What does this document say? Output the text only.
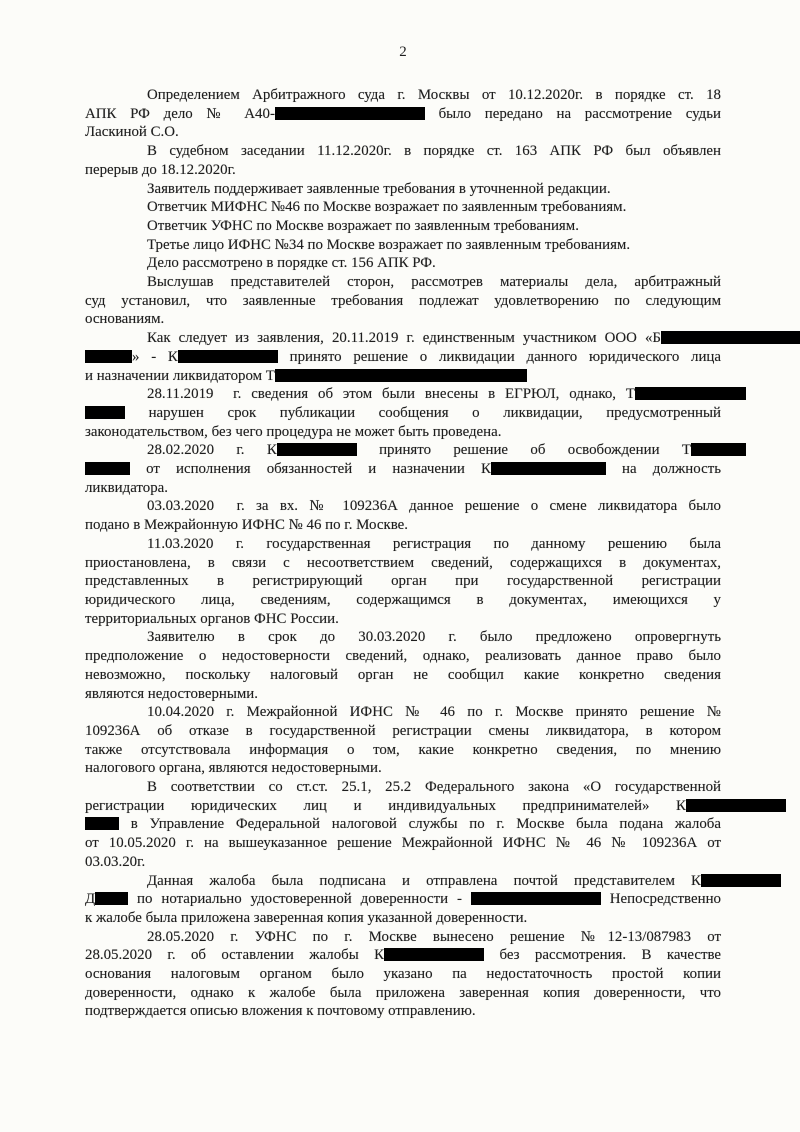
2
Определением Арбитражного суда г. Москвы от 10.12.2020г. в порядке ст. 18
АПК РФ дело № А40-	было передано на рассмотрение судьи
Ласкиной С.О.
В судебном заседании 11.12.2020г. в порядке ст. 163 АПК РФ был объявлен
перерыв до 18.12.2020г.
Заявитель поддерживает заявленные требования в уточненной редакции.
Ответчик МИФНС №46 по Москве возражает по заявленным требованиям.
Ответчик УФНС по Москве возражает по заявленным требованиям.
Третье лицо ИФНС №34 по Москве возражает по заявленным требованиям.
Дело рассмотрено в порядке ст. 156 АПК РФ.
Выслушав представителей сторон, рассмотрев материалы дела, арбитражный
суд установил, что заявленные требования подлежат удовлетворению по следующим
основаниям.
Как следует из заявления, 20.11.2019 г. единственным участником ООО «Б
» - К	принято решение о ликвидации данного юридического лица
и назначении ликвидатором Т
28.11.2019  г. сведения об этом были внесены в ЕГРЮЛ, однако, Т
нарушен срок публикации сообщения о ликвидации, предусмотренный
законодательством, без чего процедура не может быть проведена.
28.02.2020 г. К	принято решение об освобождении Т
от исполнения обязанностей и назначении К	на должность
ликвидатора.
03.03.2020  г. за вх. № 109236А данное решение о смене ликвидатора было
подано в Межрайонную ИФНС № 46 по г. Москве.
11.03.2020 г. государственная регистрация по данному решению была
приостановлена, в связи с несоответствием сведений, содержащихся в документах,
представленных в регистрирующий орган при государственной регистрации
юридического лица, сведениям, содержащимся в документах, имеющихся у
территориальных органов ФНС России.
Заявителю в срок до 30.03.2020 г. было предложено опровергнуть
предположение о недостоверности сведений, однако, реализовать данное право было
невозможно, поскольку налоговый орган не сообщил какие конкретно сведения
являются недостоверными.
10.04.2020 г. Межрайонной ИФНС № 46 по г. Москве принято решение №
109236А об отказе в государственной регистрации смены ликвидатора, в котором
также отсутствовала информация о том, какие конкретно сведения, по мнению
налогового органа, являются недостоверными.
В соответствии со ст.ст. 25.1, 25.2 Федерального закона «О государственной
регистрации юридических лиц и индивидуальных предпринимателей» К
в Управление Федеральной налоговой службы по г. Москве была подана жалоба
от 10.05.2020 г. на вышеуказанное решение Межрайонной ИФНС № 46 № 109236А от
03.03.20г.
Данная жалоба была подписана и отправлена почтой представителем К
Д по нотариально удостоверенной доверенности -	Непосредственно
к жалобе была приложена заверенная копия указанной доверенности.
28.05.2020 г. УФНС по г. Москве вынесено решение №12-13/087983 от
28.05.2020 г. об оставлении жалобы К	без рассмотрения. В качестве
основания налоговым органом было указано па недостаточность простой копии
доверенности, однако к жалобе была приложена заверенная копия доверенности, что
подтверждается описью вложения к почтовому отправлению.
